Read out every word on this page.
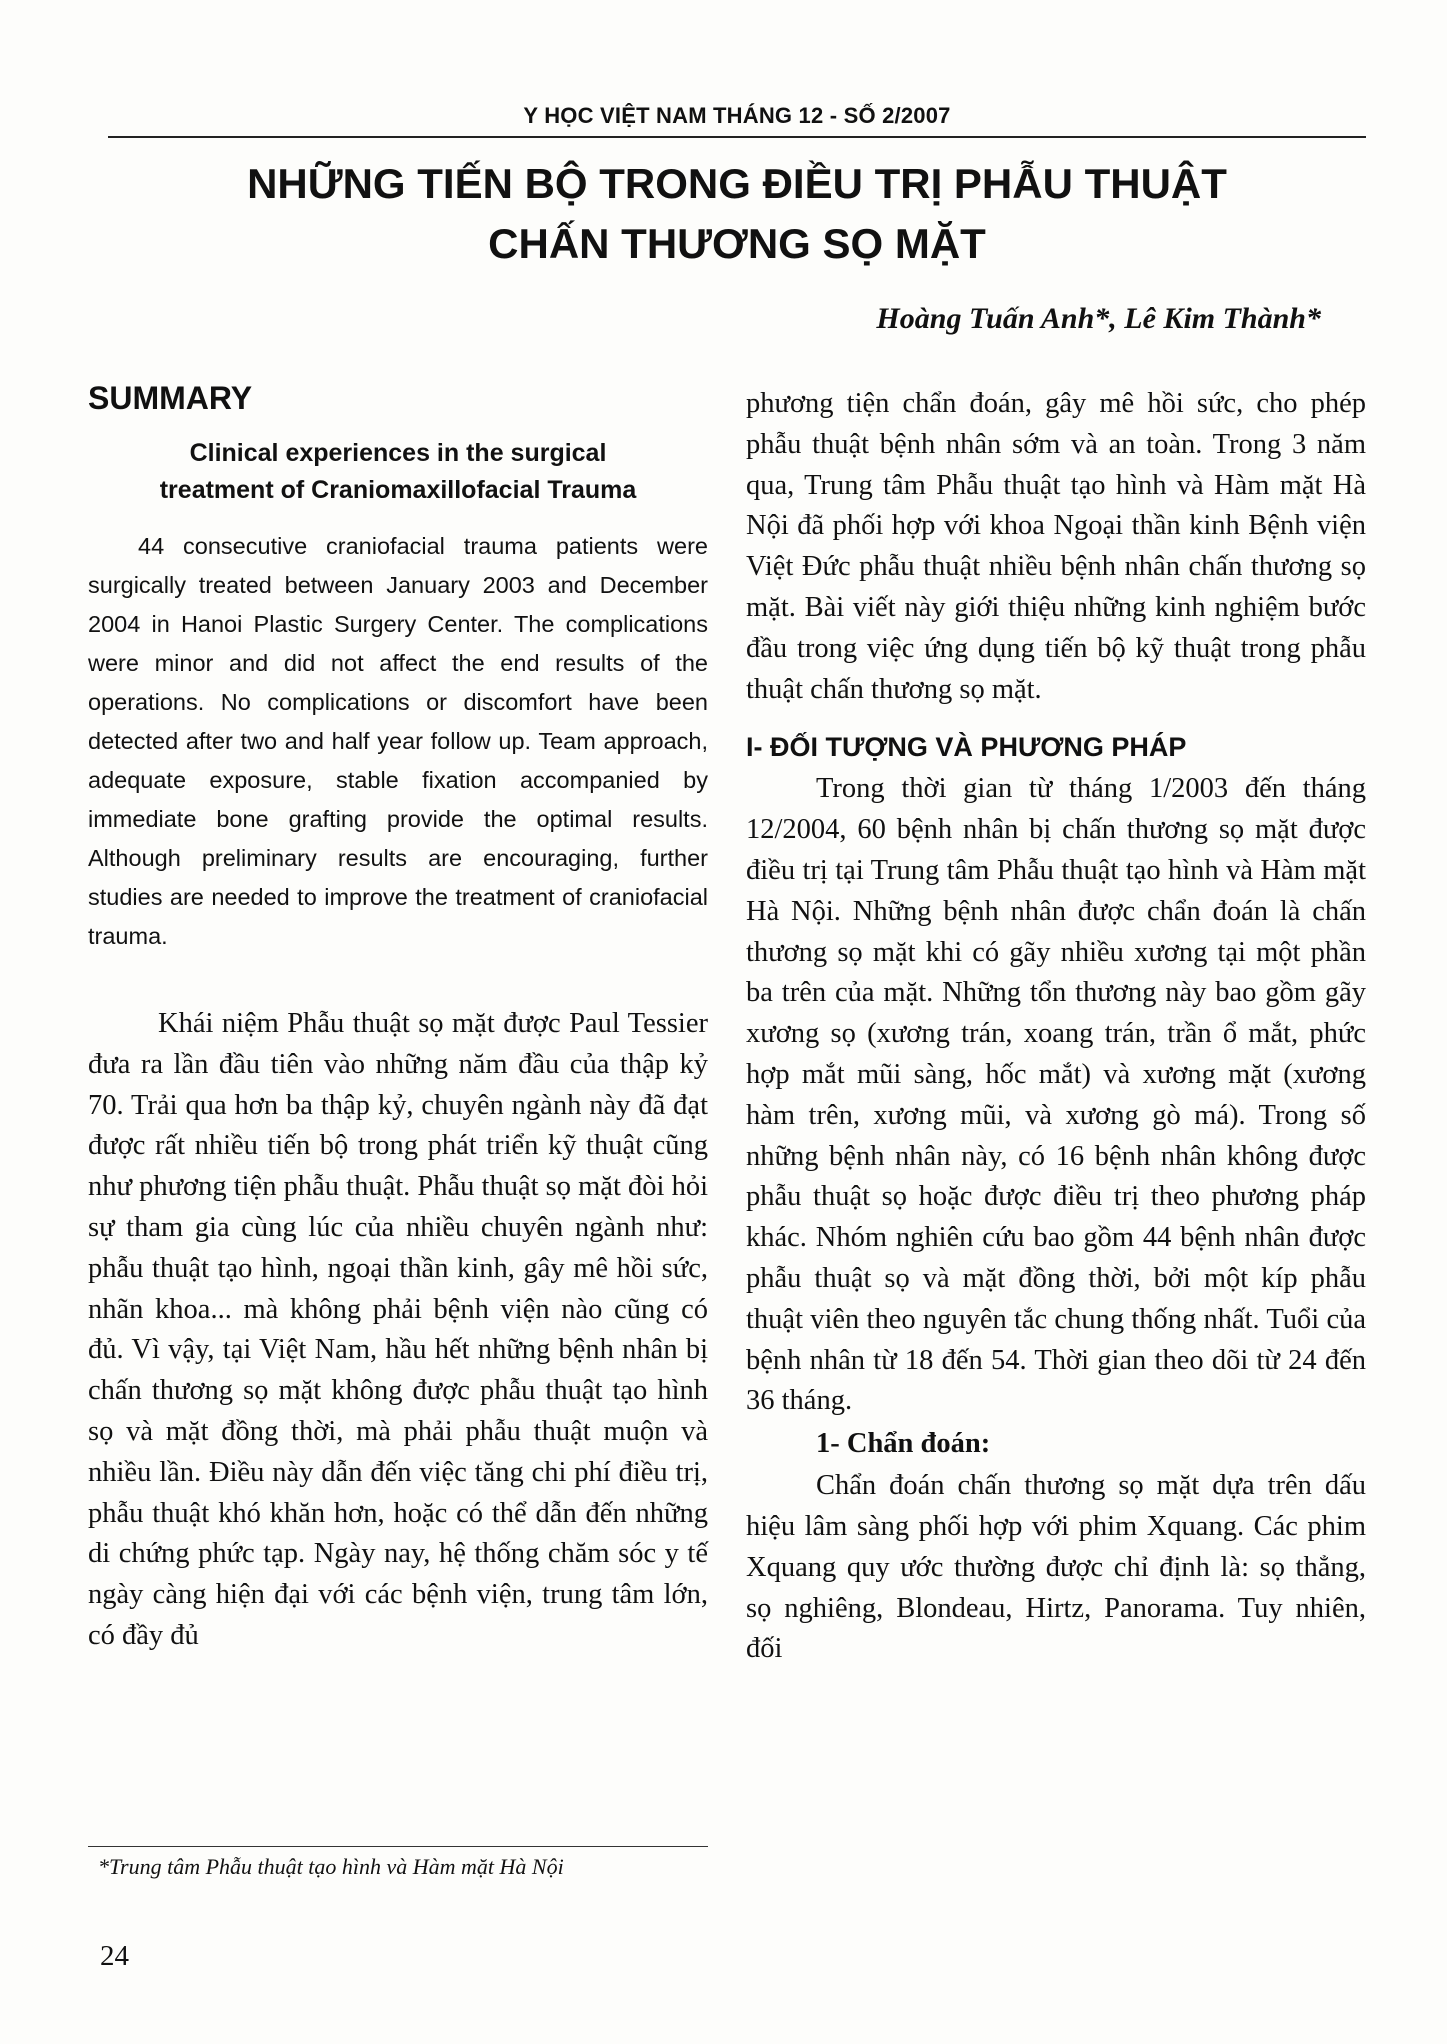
Y HỌC VIỆT NAM THÁNG 12 - SỐ 2/2007
NHỮNG TIẾN BỘ TRONG ĐIỀU TRỊ PHẪU THUẬT
CHẤN THƯƠNG SỌ MẶT
Hoàng Tuấn Anh*, Lê Kim Thành*
SUMMARY
Clinical experiences in the surgical
treatment of Craniomaxillofacial Trauma

44 consecutive craniofacial trauma patients were surgically treated between January 2003 and December 2004 in Hanoi Plastic Surgery Center. The complications were minor and did not affect the end results of the operations. No complications or discomfort have been detected after two and half year follow up. Team approach, adequate exposure, stable fixation accompanied by immediate bone grafting provide the optimal results. Although preliminary results are encouraging, further studies are needed to improve the treatment of craniofacial trauma.

Khái niệm Phẫu thuật sọ mặt được Paul Tessier đưa ra lần đầu tiên vào những năm đầu của thập kỷ 70. Trải qua hơn ba thập kỷ, chuyên ngành này đã đạt được rất nhiều tiến bộ trong phát triển kỹ thuật cũng như phương tiện phẫu thuật. Phẫu thuật sọ mặt đòi hỏi sự tham gia cùng lúc của nhiều chuyên ngành như: phẫu thuật tạo hình, ngoại thần kinh, gây mê hồi sức, nhãn khoa... mà không phải bệnh viện nào cũng có đủ. Vì vậy, tại Việt Nam, hầu hết những bệnh nhân bị chấn thương sọ mặt không được phẫu thuật tạo hình sọ và mặt đồng thời, mà phải phẫu thuật muộn và nhiều lần. Điều này dẫn đến việc tăng chi phí điều trị, phẫu thuật khó khăn hơn, hoặc có thể dẫn đến những di chứng phức tạp. Ngày nay, hệ thống chăm sóc y tế ngày càng hiện đại với các bệnh viện, trung tâm lớn, có đầy đủ

phương tiện chẩn đoán, gây mê hồi sức, cho phép phẫu thuật bệnh nhân sớm và an toàn. Trong 3 năm qua, Trung tâm Phẫu thuật tạo hình và Hàm mặt Hà Nội đã phối hợp với khoa Ngoại thần kinh Bệnh viện Việt Đức phẫu thuật nhiều bệnh nhân chấn thương sọ mặt. Bài viết này giới thiệu những kinh nghiệm bước đầu trong việc ứng dụng tiến bộ kỹ thuật trong phẫu thuật chấn thương sọ mặt.

I- ĐỐI TƯỢNG VÀ PHƯƠNG PHÁP

Trong thời gian từ tháng 1/2003 đến tháng 12/2004, 60 bệnh nhân bị chấn thương sọ mặt được điều trị tại Trung tâm Phẫu thuật tạo hình và Hàm mặt Hà Nội. Những bệnh nhân được chẩn đoán là chấn thương sọ mặt khi có gãy nhiều xương tại một phần ba trên của mặt. Những tổn thương này bao gồm gãy xương sọ (xương trán, xoang trán, trần ổ mắt, phức hợp mắt mũi sàng, hốc mắt) và xương mặt (xương hàm trên, xương mũi, và xương gò má). Trong số những bệnh nhân này, có 16 bệnh nhân không được phẫu thuật sọ hoặc được điều trị theo phương pháp khác. Nhóm nghiên cứu bao gồm 44 bệnh nhân được phẫu thuật sọ và mặt đồng thời, bởi một kíp phẫu thuật viên theo nguyên tắc chung thống nhất. Tuổi của bệnh nhân từ 18 đến 54. Thời gian theo dõi từ 24 đến 36 tháng.

1- Chẩn đoán:

Chẩn đoán chấn thương sọ mặt dựa trên dấu hiệu lâm sàng phối hợp với phim Xquang. Các phim Xquang quy ước thường được chỉ định là: sọ thẳng, sọ nghiêng, Blondeau, Hirtz, Panorama. Tuy nhiên, đối

*Trung tâm Phẫu thuật tạo hình và Hàm mặt Hà Nội
24
